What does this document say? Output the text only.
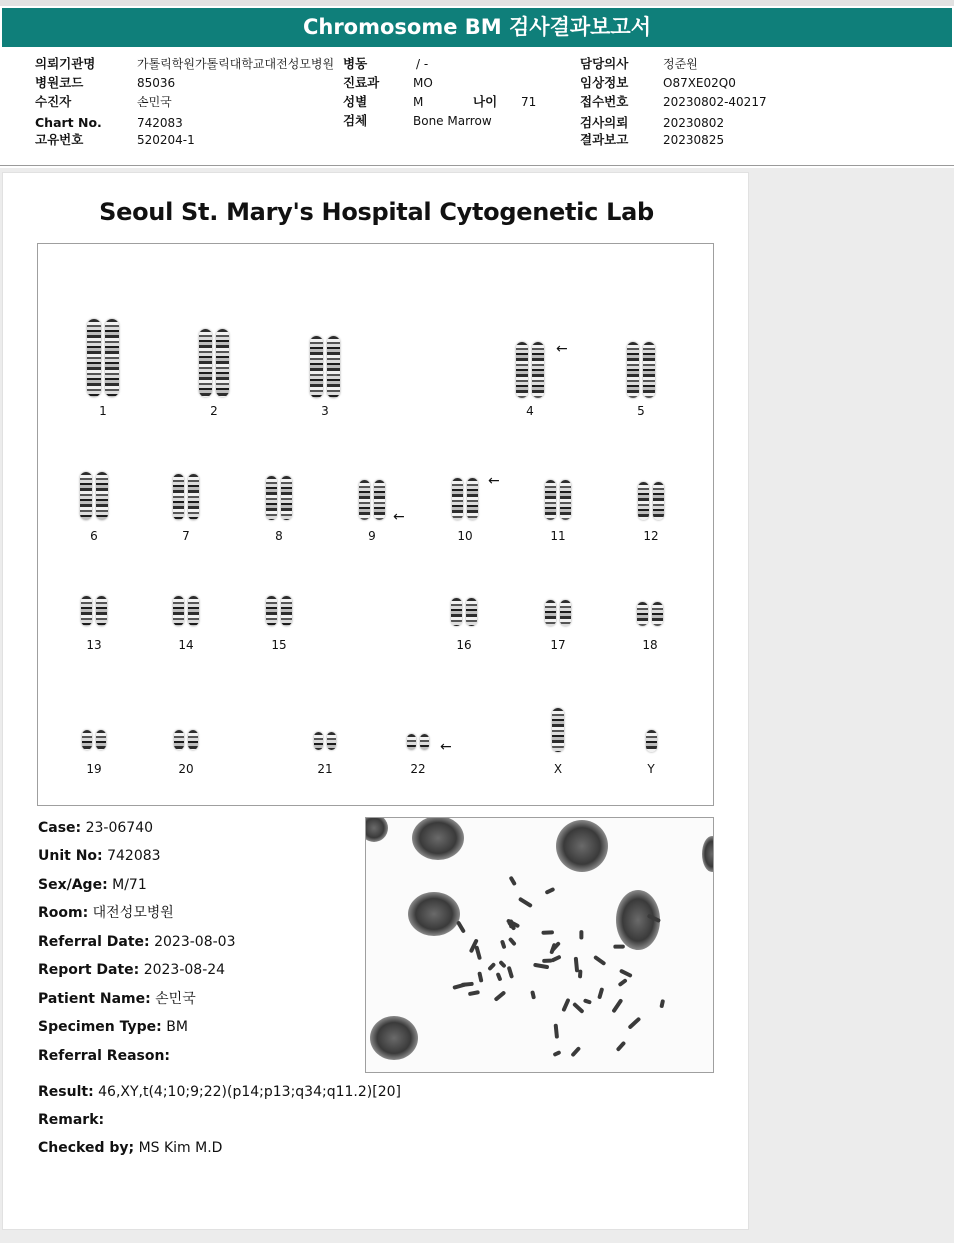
Chromosome BM 검사결과보고서
의뢰기관명	가톨릭학원가톨릭대학교대전성모병원
병원코드	85036
수진자	손민국
Chart No.	742083
고유번호	520204-1
병동	/ -
진료과	MO
성별	M	나이 71
검체	Bone Marrow
담당의사	정준원
임상정보	O87XE02Q0
접수번호	20230802-40217
검사의뢰	20230802
결과보고	20230825
Seoul St. Mary's Hospital Cytogenetic Lab
1	2	3	4
←
5
6	7	8	9
←
10
←
11	12
13	14	15	16	17	18
19	20	21	22
←
X	Y
Case: 23-06740
Unit No: 742083
Sex/Age: M/71
Room: 대전성모병원
Referral Date: 2023-08-03
Report Date: 2023-08-24
Patient Name: 손민국
Specimen Type: BM
Referral Reason:
Result: 46,XY,t(4;10;9;22)(p14;p13;q34;q11.2)[20]
Remark:
Checked by; MS Kim M.D
